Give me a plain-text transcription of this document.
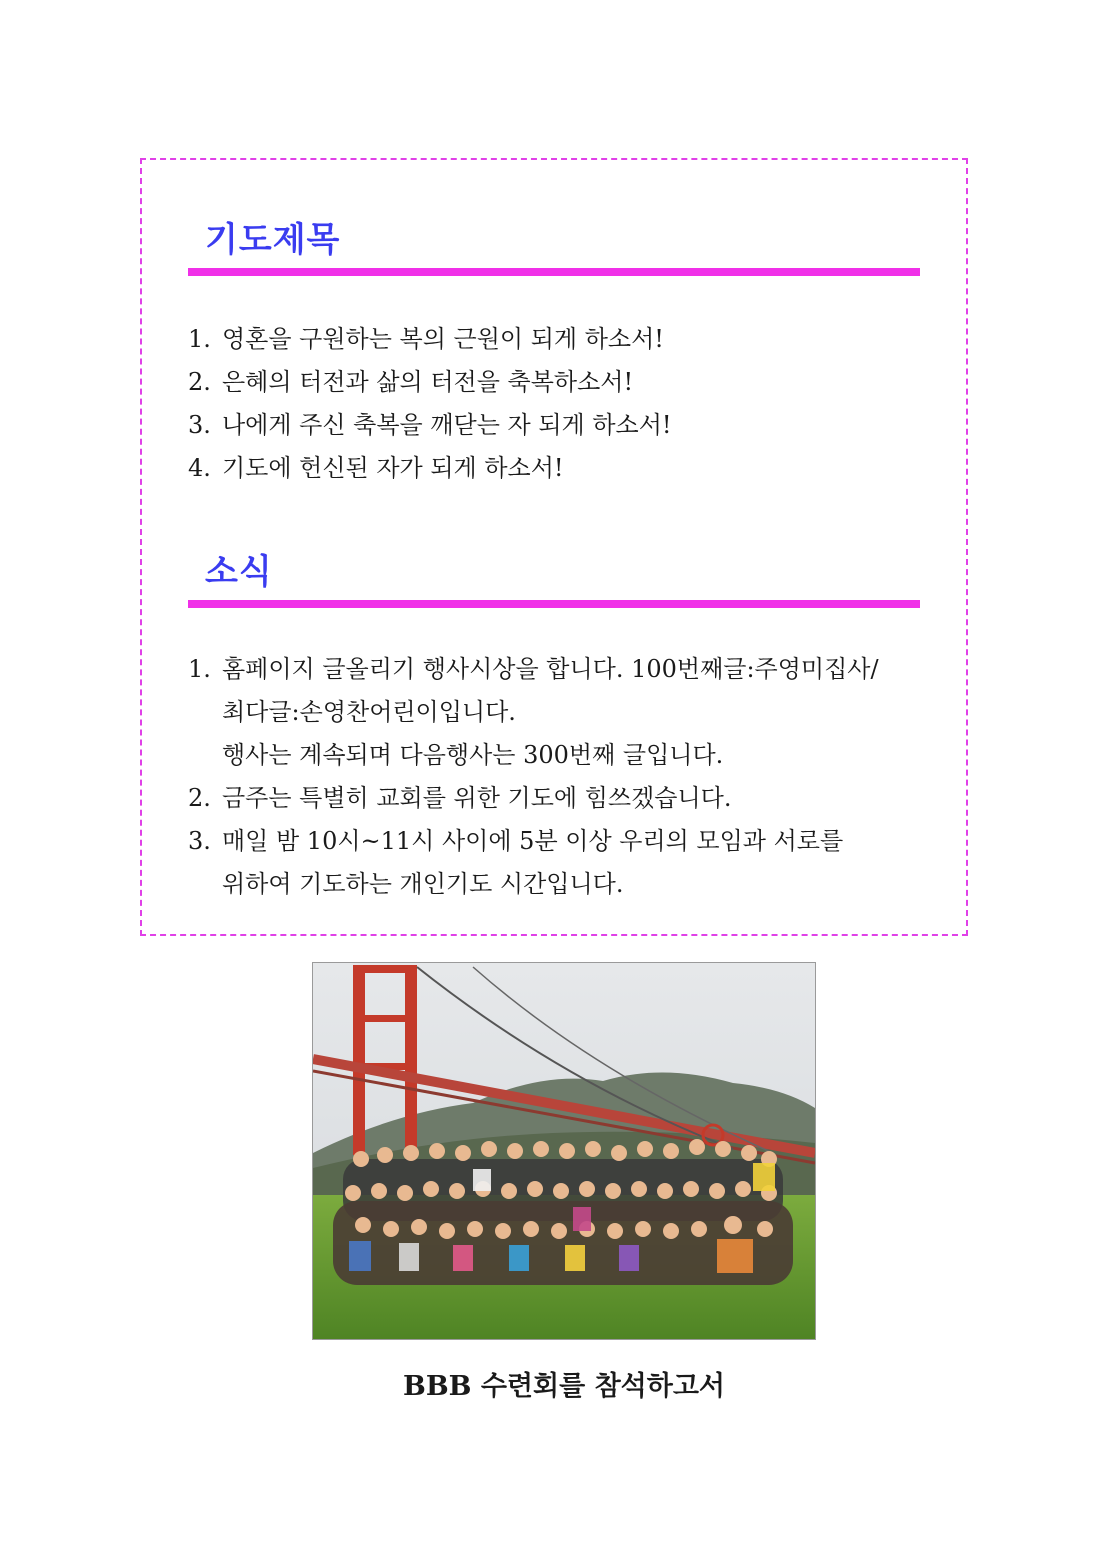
기도제목
1. 영혼을 구원하는 복의 근원이 되게 하소서!
2. 은혜의 터전과 삶의 터전을 축복하소서!
3. 나에게 주신 축복을 깨닫는 자 되게 하소서!
4. 기도에 헌신된 자가 되게 하소서!
소식
1. 홈페이지 글올리기 행사시상을 합니다. 100번째글:주영미집사/
최다글:손영찬어린이입니다.
행사는 계속되며 다음행사는 300번째 글입니다.
2. 금주는 특별히 교회를 위한 기도에 힘쓰겠습니다.
3. 매일 밤 10시~11시 사이에 5분 이상 우리의 모임과 서로를
위하여 기도하는 개인기도 시간입니다.
BBB 수련회를 참석하고서
